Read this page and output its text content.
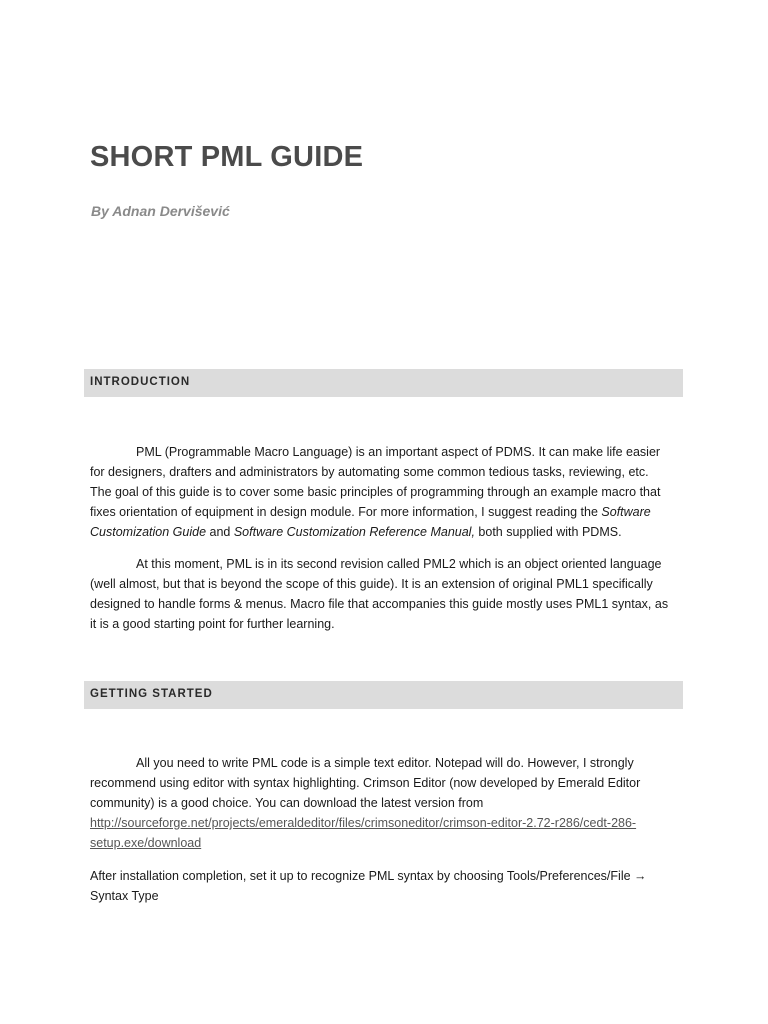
SHORT PML GUIDE

By Adnan Dervišević

INTRODUCTION

PML (Programmable Macro Language) is an important aspect of PDMS. It can make life easier
for designers, drafters and administrators by automating some common tedious tasks, reviewing, etc.
The goal of this guide is to cover some basic principles of programming through an example macro that
fixes orientation of equipment in design module. For more information, I suggest reading the Software
Customization Guide and Software Customization Reference Manual, both supplied with PDMS.

At this moment, PML is in its second revision called PML2 which is an object oriented language
(well almost, but that is beyond the scope of this guide). It is an extension of original PML1 specifically
designed to handle forms & menus. Macro file that accompanies this guide mostly uses PML1 syntax, as
it is a good starting point for further learning.

GETTING STARTED

All you need to write PML code is a simple text editor. Notepad will do. However, I strongly
recommend using editor with syntax highlighting. Crimson Editor (now developed by Emerald Editor
community) is a good choice. You can download the latest version from
http://sourceforge.net/projects/emeraldeditor/files/crimsoneditor/crimson-editor-2.72-r286/cedt-286-
setup.exe/download

After installation completion, set it up to recognize PML syntax by choosing Tools/Preferences/File →
Syntax Type
